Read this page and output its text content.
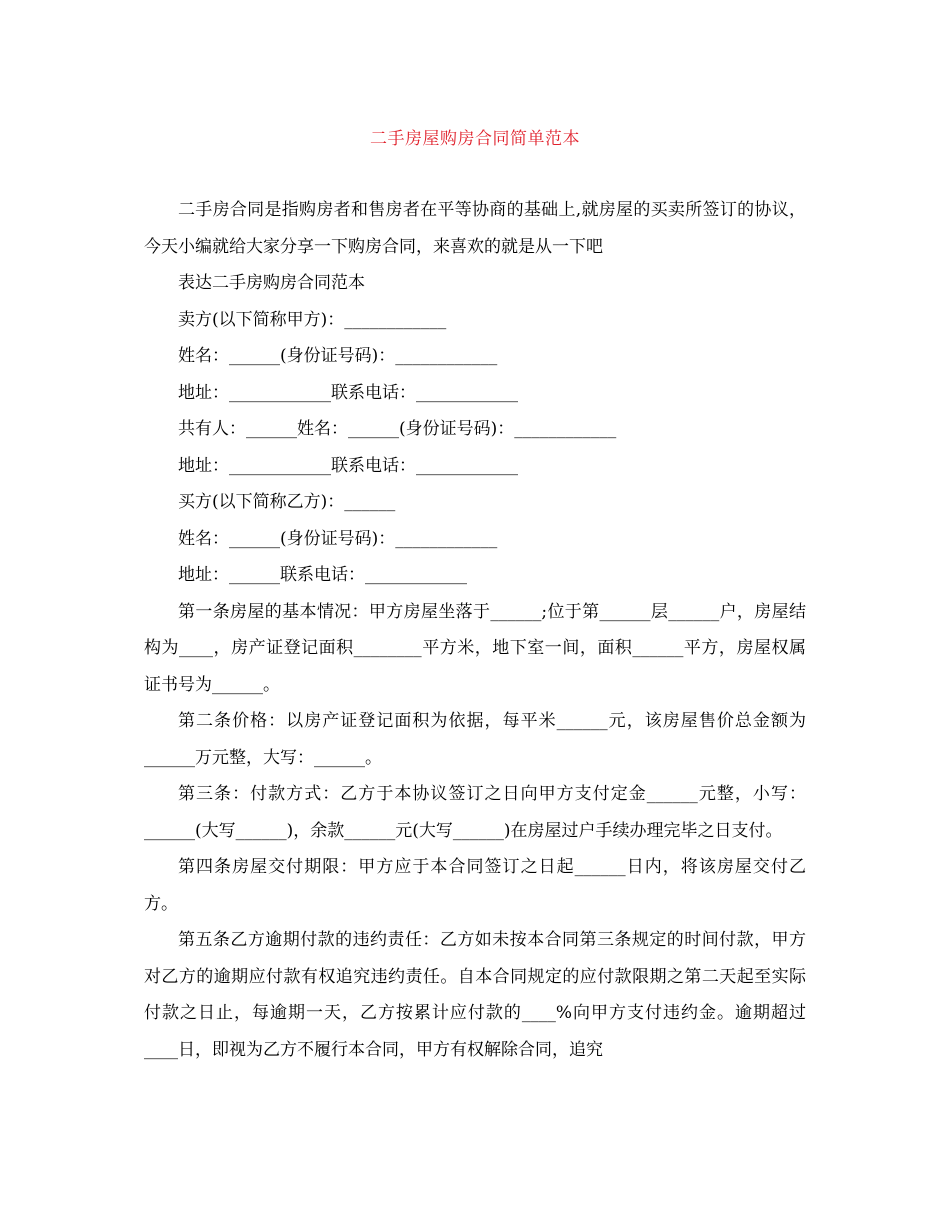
二手房屋购房合同简单范本

二手房合同是指购房者和售房者在平等协商的基础上,就房屋的买卖所签订的协议，今天小编就给大家分享一下购房合同，来喜欢的就是从一下吧

表达二手房购房合同范本

卖方(以下简称甲方)：____________

姓名：______(身份证号码)：____________

地址：____________联系电话：____________

共有人：______姓名：______(身份证号码)：____________

地址：____________联系电话：____________

买方(以下简称乙方)：______

姓名：______(身份证号码)：____________

地址：______联系电话：____________

第一条房屋的基本情况：甲方房屋坐落于______;位于第______层______户，房屋结构为____，房产证登记面积________平方米，地下室一间，面积______平方，房屋权属证书号为______。

第二条价格：以房产证登记面积为依据，每平米______元，该房屋售价总金额为______万元整，大写：______。

第三条：付款方式：乙方于本协议签订之日向甲方支付定金______元整，小写：______(大写______)，余款______元(大写______)在房屋过户手续办理完毕之日支付。

第四条房屋交付期限：甲方应于本合同签订之日起______日内，将该房屋交付乙方。

第五条乙方逾期付款的违约责任：乙方如未按本合同第三条规定的时间付款，甲方对乙方的逾期应付款有权追究违约责任。自本合同规定的应付款限期之第二天起至实际付款之日止，每逾期一天，乙方按累计应付款的____%向甲方支付违约金。逾期超过____日，即视为乙方不履行本合同，甲方有权解除合同，追究
